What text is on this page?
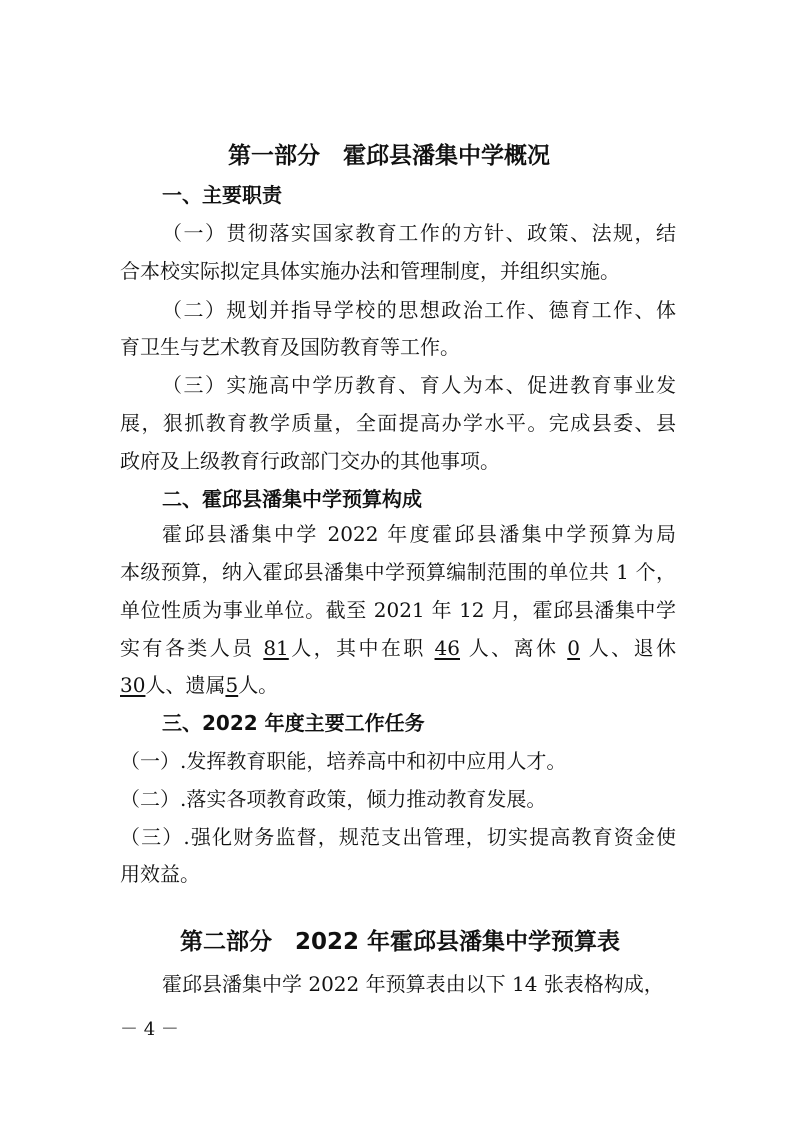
第一部分　霍邱县潘集中学概况
一、主要职责
（一）贯彻落实国家教育工作的方针、政策、法规，结
合本校实际拟定具体实施办法和管理制度，并组织实施。
（二）规划并指导学校的思想政治工作、德育工作、体
育卫生与艺术教育及国防教育等工作。
（三）实施高中学历教育、育人为本、促进教育事业发
展，狠抓教育教学质量，全面提高办学水平。完成县委、县
政府及上级教育行政部门交办的其他事项。
二、霍邱县潘集中学预算构成
霍邱县潘集中学 2022 年度霍邱县潘集中学预算为局
本级预算，纳入霍邱县潘集中学预算编制范围的单位共 1 个，
单位性质为事业单位。截至 2021 年 12 月，霍邱县潘集中学
实有各类人员 81人，其中在职 46 人、离休 0 人、退休
30人、遗属5人。
三、2022 年度主要工作任务
（一）.发挥教育职能，培养高中和初中应用人才。
（二）.落实各项教育政策，倾力推动教育发展。
（三）.强化财务监督，规范支出管理，切实提高教育资金使
用效益。
第二部分　2022 年霍邱县潘集中学预算表
霍邱县潘集中学 2022 年预算表由以下 14 张表格构成，
－ 4 －
